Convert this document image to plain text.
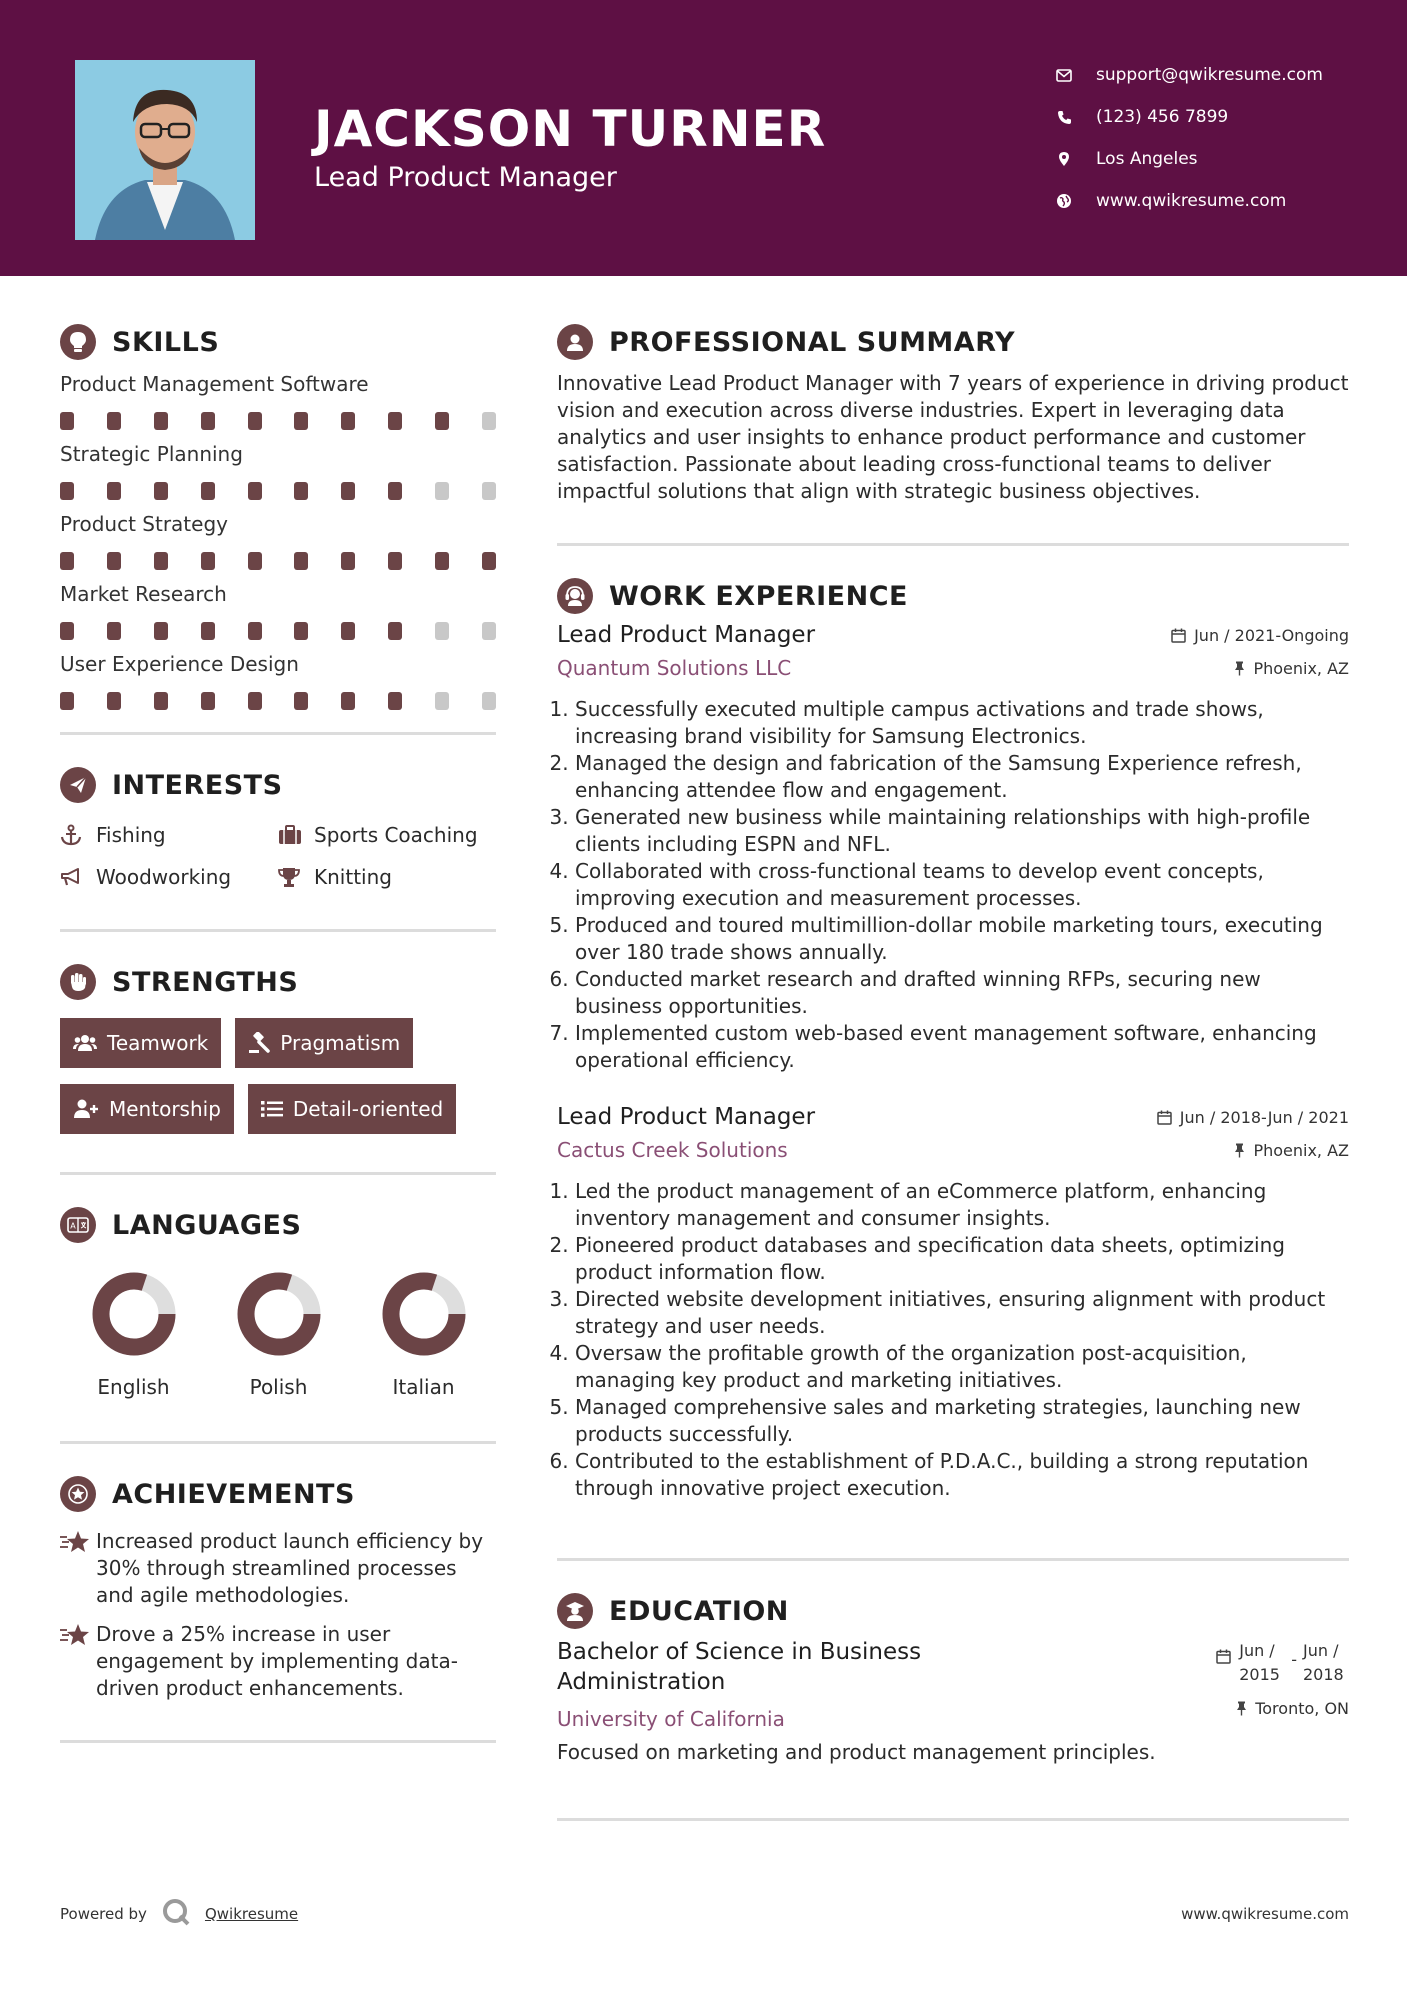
JACKSON TURNER
Lead Product Manager
support@qwikresume.com
(123) 456 7899
Los Angeles
www.qwikresume.com
SKILLS
Product Management Software
Strategic Planning
Product Strategy
Market Research
User Experience Design
INTERESTS
Fishing	Sports Coaching
Woodworking	Knitting
STRENGTHS
Teamwork	Pragmatism
Mentorship	Detail-oriented
A LANGUAGES
English	Polish	Italian
ACHIEVEMENTS

Increased product launch efficiency by 30% through streamlined processes and agile methodologies.

Drove a 25% increase in user engagement by implementing data-driven product enhancements.

PROFESSIONAL SUMMARY

Innovative Lead Product Manager with 7 years of experience in driving product vision and execution across diverse industries. Expert in leveraging data analytics and user insights to enhance product performance and customer satisfaction. Passionate about leading cross-functional teams to deliver impactful solutions that align with strategic business objectives.

WORK EXPERIENCE
Lead Product Manager
Quantum Solutions LLC
Jun / 2021-Ongoing
Phoenix, AZ
1. Successfully executed multiple campus activations and trade shows, increasing brand visibility for Samsung Electronics.
2. Managed the design and fabrication of the Samsung Experience refresh, enhancing attendee flow and engagement.
3. Generated new business while maintaining relationships with high-profile clients including ESPN and NFL.
4. Collaborated with cross-functional teams to develop event concepts, improving execution and measurement processes.
5. Produced and toured multimillion-dollar mobile marketing tours, executing over 180 trade shows annually.
6. Conducted market research and drafted winning RFPs, securing new business opportunities.
7. Implemented custom web-based event management software, enhancing operational efficiency.
Lead Product Manager
Cactus Creek Solutions
Jun / 2018-Jun / 2021
Phoenix, AZ
1. Led the product management of an eCommerce platform, enhancing inventory management and consumer insights.
2. Pioneered product databases and specification data sheets, optimizing product information flow.
3. Directed website development initiatives, ensuring alignment with product strategy and user needs.
4. Oversaw the profitable growth of the organization post-acquisition, managing key product and marketing initiatives.
5. Managed comprehensive sales and marketing strategies, launching new products successfully.
6. Contributed to the establishment of P.D.A.C., building a strong reputation through innovative project execution.
EDUCATION
Bachelor of Science in Business Administration
University of California
Jun / 2015
- Jun / 2018
Toronto, ON

Focused on marketing and product management principles.

Powered by	Qwikresume	www.qwikresume.com
